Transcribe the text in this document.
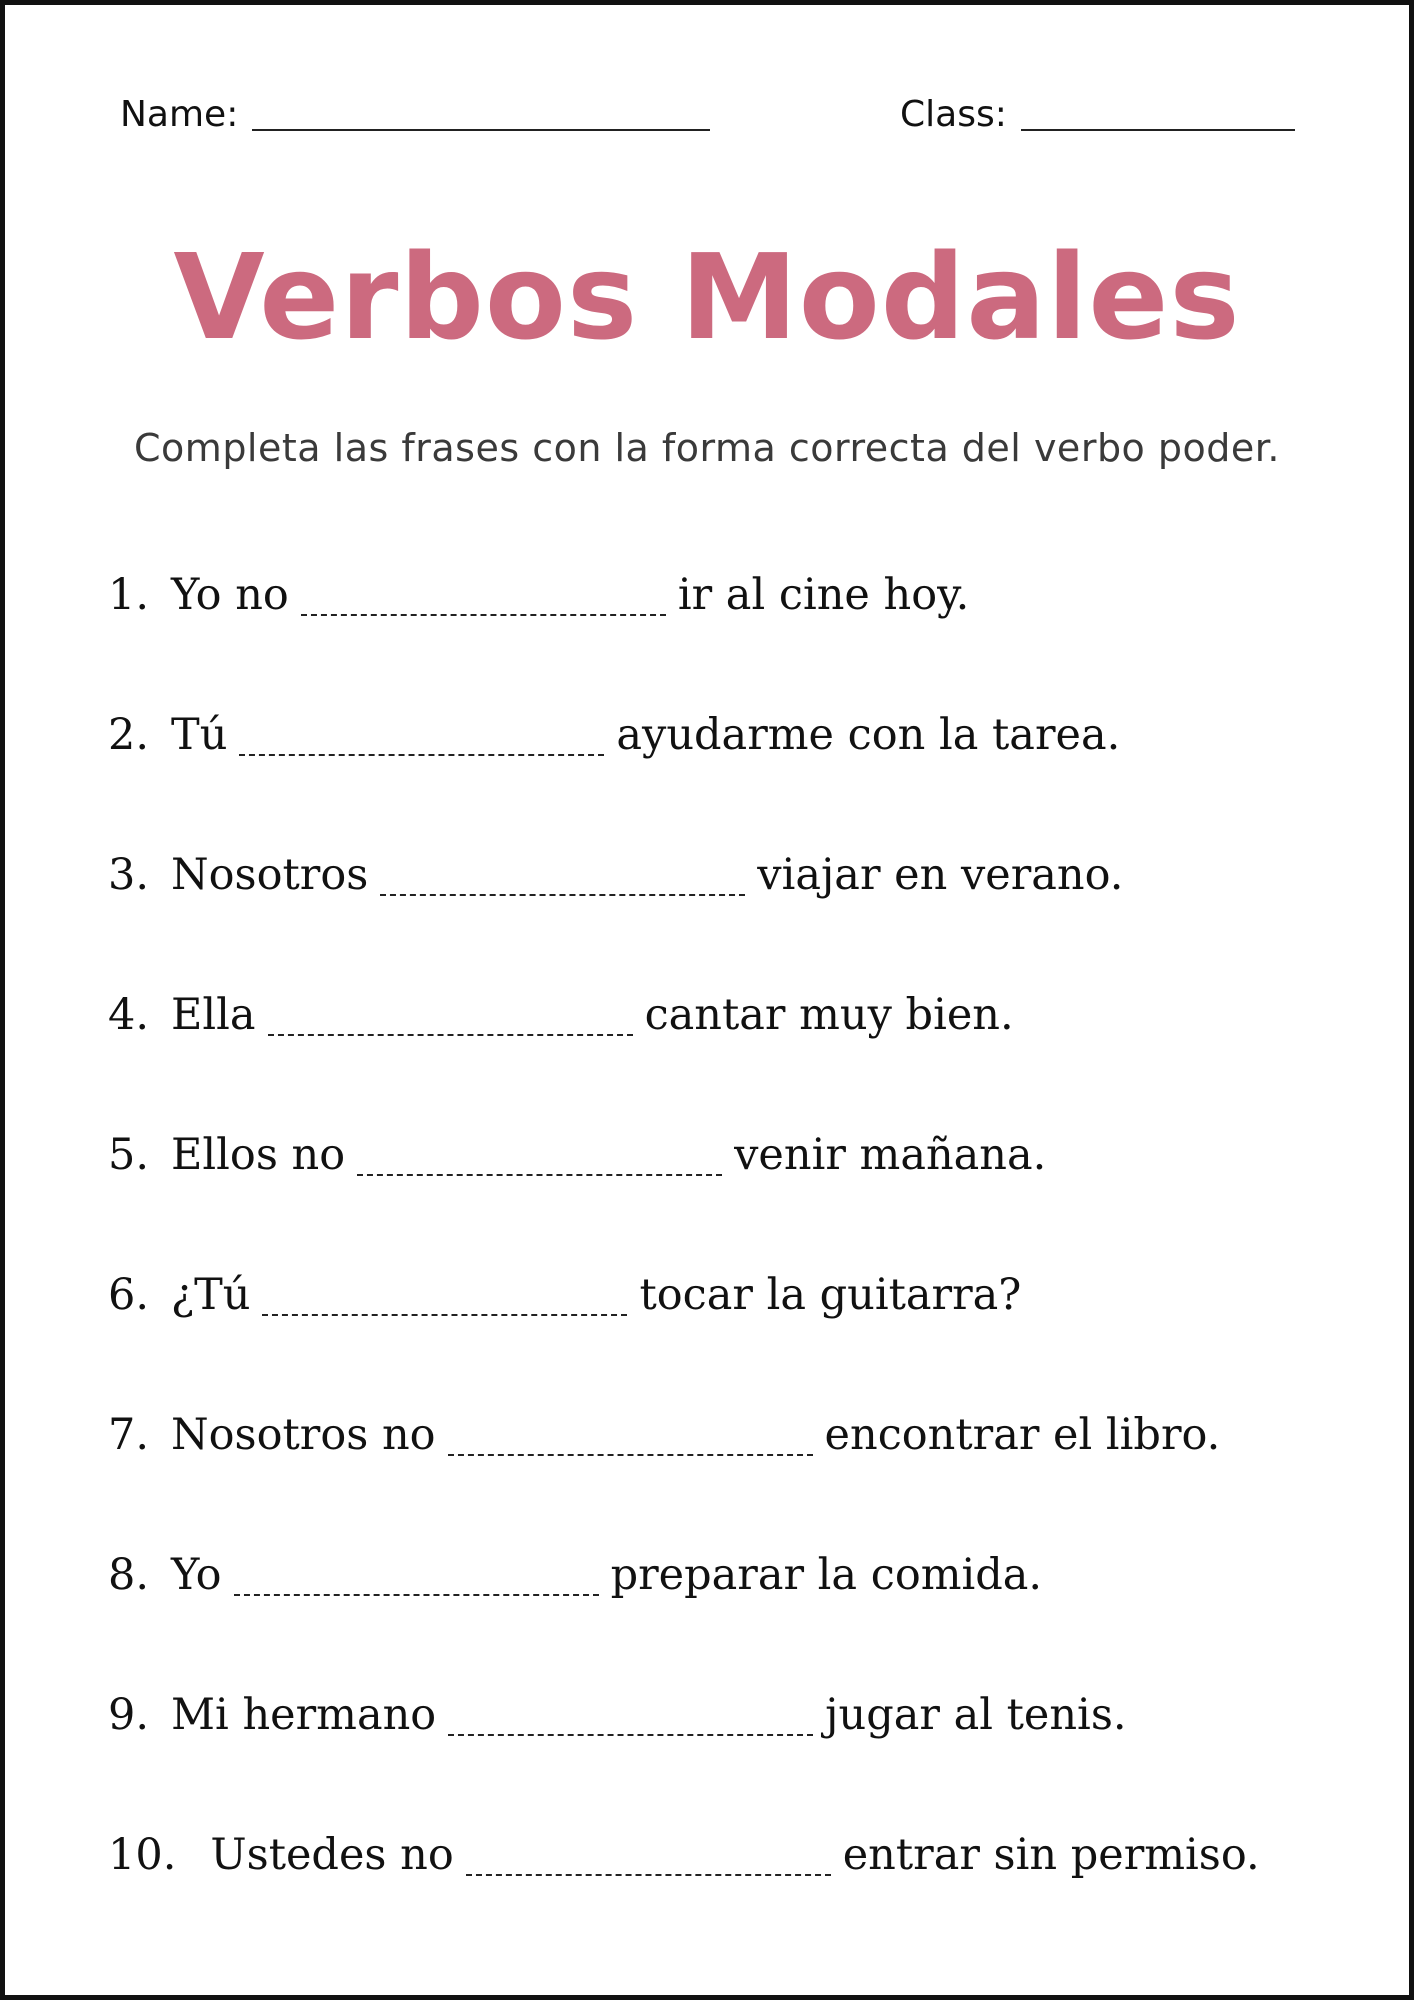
Name:	Class:
Verbos Modales
Completa las frases con la forma correcta del verbo poder.
1. Yo no	ir al cine hoy.
2. Tú	ayudarme con la tarea.
3. Nosotros	viajar en verano.
4. Ella	cantar muy bien.
5. Ellos no	venir mañana.
6. ¿Tú	tocar la guitarra?
7. Nosotros no	encontrar el libro.
8. Yo	preparar la comida.
9. Mi hermano	jugar al tenis.
10. Ustedes no	entrar sin permiso.
